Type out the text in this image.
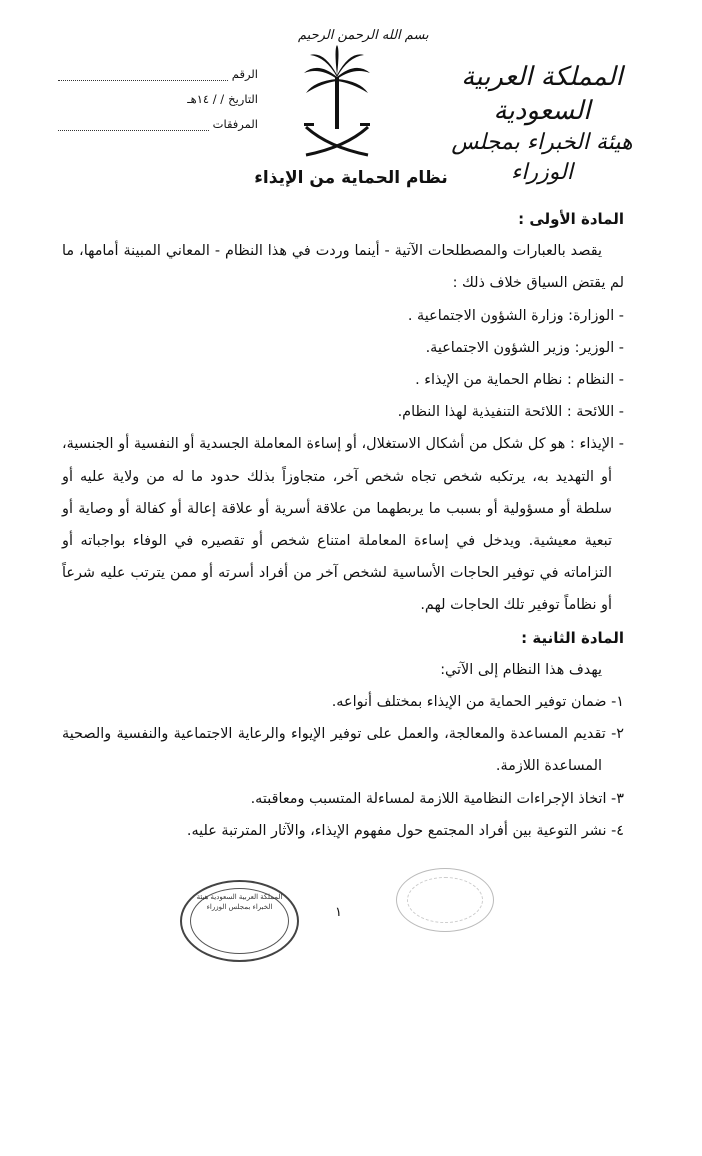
الرقم
التاريخ
/ / ١٤هـ
المرفقات
بسم الله الرحمن الرحيم
المملكة العربية السعودية
هيئة الخبراء بمجلس الوزراء
نظام الحماية من الإيذاء

المادة الأولى :

يقصد بالعبارات والمصطلحات الآتية - أينما وردت في هذا النظام - المعاني المبينة أمامها، ما لم يقتض السياق خلاف ذلك :

- الوزارة: وزارة الشؤون الاجتماعية .

- الوزير: وزير الشؤون الاجتماعية.

- النظام : نظام الحماية من الإيذاء .

- اللائحة : اللائحة التنفيذية لهذا النظام.

- الإيذاء : هو كل شكل من أشكال الاستغلال، أو إساءة المعاملة الجسدية أو النفسية أو الجنسية، أو التهديد به، يرتكبه شخص تجاه شخص آخر، متجاوزاً بذلك حدود ما له من ولاية عليه أو سلطة أو مسؤولية أو بسبب ما يربطهما من علاقة أسرية أو علاقة إعالة أو كفالة أو وصاية أو تبعية معيشية. ويدخل في إساءة المعاملة امتناع شخص أو تقصيره في الوفاء بواجباته أو التزاماته في توفير الحاجات الأساسية لشخص آخر من أفراد أسرته أو ممن يترتب عليه شرعاً أو نظاماً توفير تلك الحاجات لهم.

المادة الثانية :

يهدف هذا النظام إلى الآتي:

١- ضمان توفير الحماية من الإيذاء بمختلف أنواعه.

٢- تقديم المساعدة والمعالجة، والعمل على توفير الإيواء والرعاية الاجتماعية والنفسية والصحية المساعدة اللازمة.

٣- اتخاذ الإجراءات النظامية اللازمة لمساءلة المتسبب ومعاقبته.

٤- نشر التوعية بين أفراد المجتمع حول مفهوم الإيذاء، والآثار المترتبة عليه.

المملكة العربية السعودية هيئة الخبراء بمجلس الوزراء	١
